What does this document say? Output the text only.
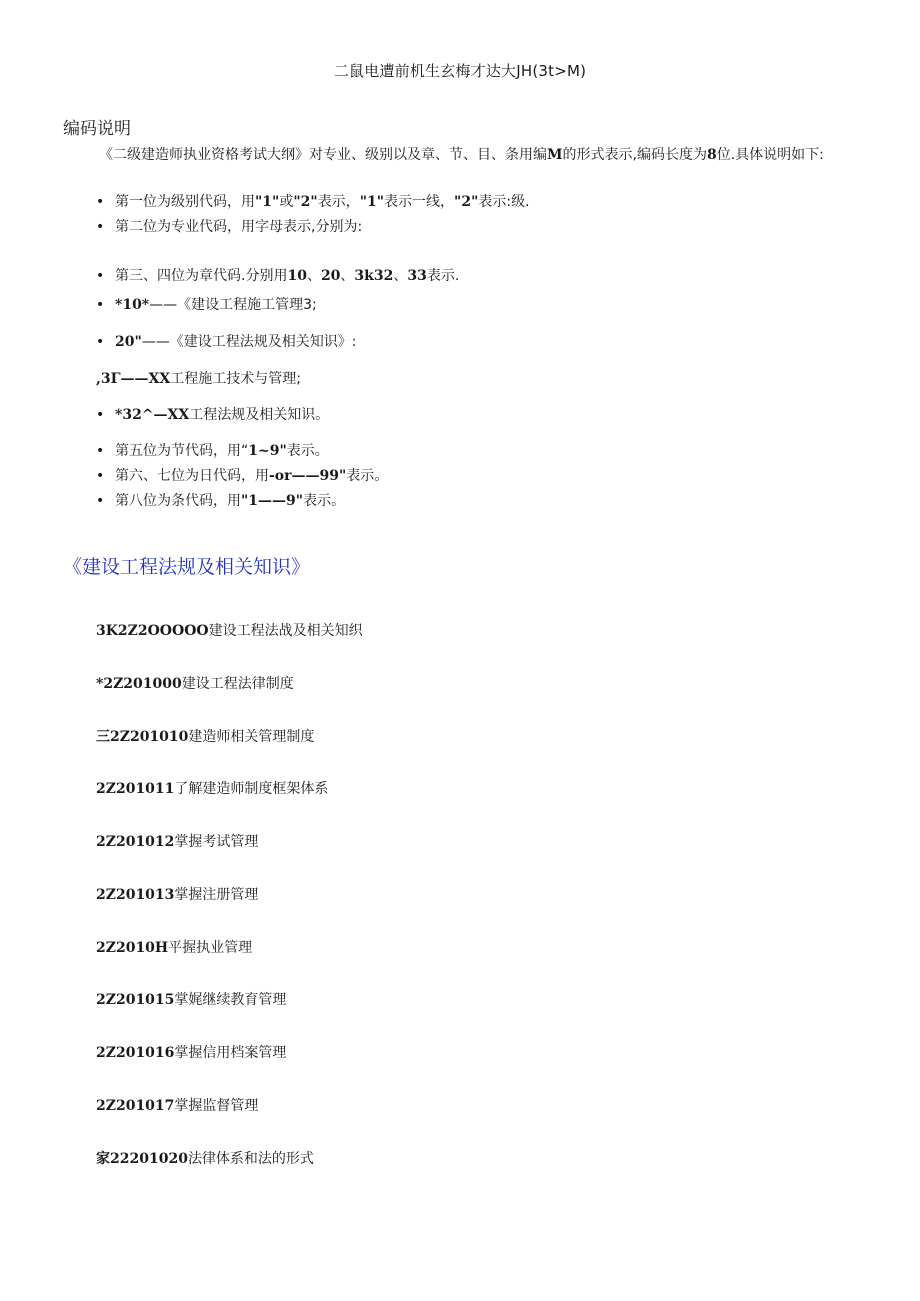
二鼠电遭前机生玄梅才达大JH(3t>M)
编码说明
《二级建造师执业资格考试大纲》对专业、级别以及章、节、目、条用编M的形式表示,编码长度为8位.具体说明如下:
• 第一位为级别代码，用"1"或"2"表示，"1"表示一线，"2"表示:级.
• 第二位为专业代码，用字母表示,分别为:
• 第三、四位为章代码.分别用10、20、3k32、33表示.
• *10*——《建设工程施工管理3;
• 20"——《建设工程法规及相关知识》:
,3Γ——XX工程施工技术与管理;
• *32^—XX工程法规及相关知识。
• 第五位为节代码，用“1~9"表示。
• 第六、七位为日代码，用-or——99"表示。
• 第八位为条代码，用"1——9"表示。
《建设工程法规及相关知识》
3K2Z2OOOOO建设工程法战及相关知织
*2Z201000建设工程法律制度
三2Z201010建造师相关管理制度
2Z201011了解建造师制度框架体系
2Z201012掌握考试管理
2Z201013掌握注册管理
2Z2010H平握执业管理
2Z201015掌娓继续教育管理
2Z201016掌握信用档案管理
2Z201017掌握监督管理
家22201020法律体系和法的形式
